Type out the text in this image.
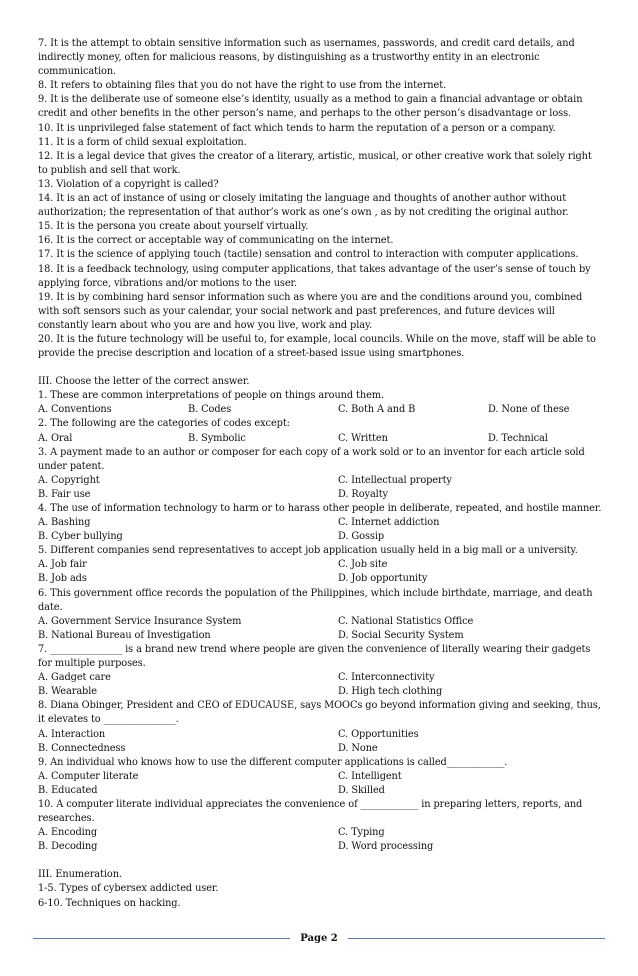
7. It is the attempt to obtain sensitive information such as usernames, passwords, and credit card details, and indirectly money, often for malicious reasons, by distinguishing as a trustworthy entity in an electronic communication.

8. It refers to obtaining files that you do not have the right to use from the internet.

9. It is the deliberate use of someone else’s identity, usually as a method to gain a financial advantage or obtain credit and other benefits in the other person’s name, and perhaps to the other person’s disadvantage or loss.

10. It is unprivileged false statement of fact which tends to harm the reputation of a person or a company.

11. It is a form of child sexual exploitation.

12. It is a legal device that gives the creator of a literary, artistic, musical, or other creative work that solely right to publish and sell that work.

13. Violation of a copyright is called?

14. It is an act of instance of using or closely imitating the language and thoughts of another author without authorization; the representation of that author’s work as one’s own , as by not crediting the original author.

15. It is the persona you create about yourself virtually.

16. It is the correct or acceptable way of communicating on the internet.

17. It is the science of applying touch (tactile) sensation and control to interaction with computer applications.

18. It is a feedback technology, using computer applications, that takes advantage of the user’s sense of touch by applying force, vibrations and/or motions to the user.

19. It is by combining hard sensor information such as where you are and the conditions around you, combined with soft sensors such as your calendar, your social network and past preferences, and future devices will constantly learn about who you are and how you live, work and play.

20. It is the future technology will be useful to, for example, local councils. While on the move, staff will be able to provide the precise description and location of a street-based issue using smartphones.

III. Choose the letter of the correct answer.

1. These are common interpretations of people on things around them.

A. Conventions	B. Codes	C. Both A and B	D. None of these

2. The following are the categories of codes except:

A. Oral	B. Symbolic	C. Written	D. Technical

3. A payment made to an author or composer for each copy of a work sold or to an inventor for each article sold under patent.

A. Copyright	C. Intellectual property
B. Fair use	D. Royalty

4. The use of information technology to harm or to harass other people in deliberate, repeated, and hostile manner.

A. Bashing	C. Internet addiction
B. Cyber bullying	D. Gossip

5. Different companies send representatives to accept job application usually held in a big mall or a university.

A. Job fair	C. Job site
B. Job ads	D. Job opportunity

6. This government office records the population of the Philippines, which include birthdate, marriage, and death date.

A. Government Service Insurance System	C. National Statistics Office
B. National Bureau of Investigation	D. Social Security System

7. _______________ is a brand new trend where people are given the convenience of literally wearing their gadgets for multiple purposes.

A. Gadget care	C. Interconnectivity
B. Wearable	D. High tech clothing

8. Diana Obinger, President and CEO of EDUCAUSE, says MOOCs go beyond information giving and seeking, thus, it elevates to _______________.

A. Interaction	C. Opportunities
B. Connectedness	D. None

9. An individual who knows how to use the different computer applications is called____________.

A. Computer literate	C. Intelligent
B. Educated	D. Skilled

10. A computer literate individual appreciates the convenience of ____________ in preparing letters, reports, and researches.

A. Encoding	C. Typing
B. Decoding	D. Word processing

III. Enumeration.

1-5. Types of cybersex addicted user.

6-10. Techniques on hacking.

Page 2
